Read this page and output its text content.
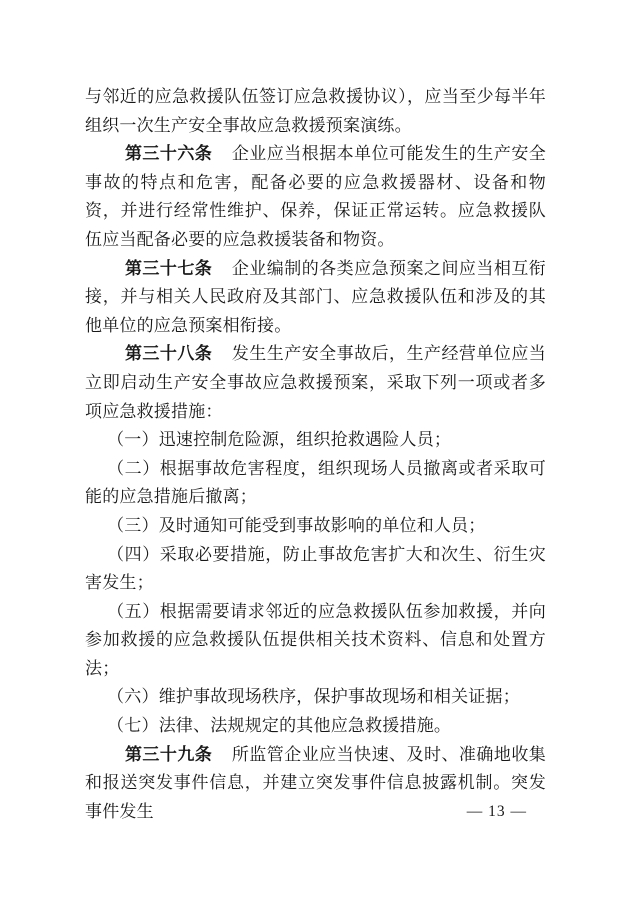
与邻近的应急救援队伍签订应急救援协议），应当至少每半年组织一次生产安全事故应急救援预案演练。

第三十六条 企业应当根据本单位可能发生的生产安全事故的特点和危害，配备必要的应急救援器材、设备和物资，并进行经常性维护、保养，保证正常运转。应急救援队伍应当配备必要的应急救援装备和物资。

第三十七条 企业编制的各类应急预案之间应当相互衔接，并与相关人民政府及其部门、应急救援队伍和涉及的其他单位的应急预案相衔接。

第三十八条 发生生产安全事故后，生产经营单位应当立即启动生产安全事故应急救援预案，采取下列一项或者多项应急救援措施：

（一）迅速控制危险源，组织抢救遇险人员；

（二）根据事故危害程度，组织现场人员撤离或者采取可能的应急措施后撤离；

（三）及时通知可能受到事故影响的单位和人员；

（四）采取必要措施，防止事故危害扩大和次生、衍生灾害发生；

（五）根据需要请求邻近的应急救援队伍参加救援，并向参加救援的应急救援队伍提供相关技术资料、信息和处置方法；

（六）维护事故现场秩序，保护事故现场和相关证据；

（七）法律、法规规定的其他应急救援措施。

第三十九条 所监管企业应当快速、及时、准确地收集和报送突发事件信息，并建立突发事件信息披露机制。突发事件发生	— 13 —
